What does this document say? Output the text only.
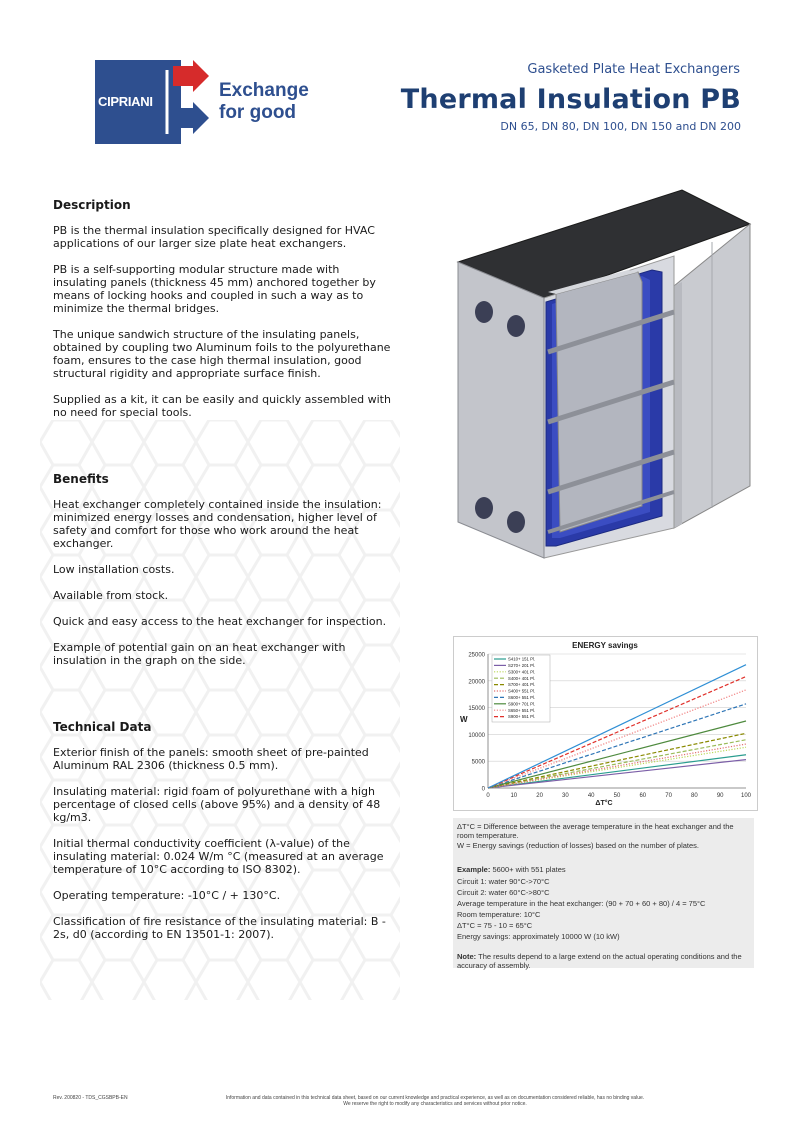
CIPRIANI
Exchange
for good
Gasketed Plate Heat Exchangers
Thermal Insulation PB
DN 65, DN 80, DN 100, DN 150 and DN 200
Description

PB is the thermal insulation specifically designed for HVAC applications of our larger size plate heat exchangers.

PB is a self-supporting modular structure made with insulating panels (thickness 45 mm) anchored together by means of locking hooks and coupled in such a way as to minimize the thermal bridges.

The unique sandwich structure of the insulating panels, obtained by coupling two Aluminum foils to the polyurethane foam, ensures to the case high thermal insulation, good structural rigidity and appropriate surface finish.

Supplied as a kit, it can be easily and quickly assembled with no need for special tools.

Benefits

Heat exchanger completely contained inside the insulation: minimized energy losses and condensation, higher level of safety and comfort for those who work around the heat exchanger.

Low installation costs.

Available from stock.

Quick and easy access to the heat exchanger for inspection.

Example of potential gain on an heat exchanger with insulation in the graph on the side.

Technical Data

Exterior finish of the panels: smooth sheet of pre-painted Aluminum RAL 2306 (thickness 0.5 mm).

Insulating material: rigid foam of polyurethane with a high percentage of closed cells (above 95%) and a density of 48 kg/m3.

Initial thermal conductivity coefficient (λ-value) of the insulating material: 0.024 W/m °C (measured at an average temperature of 10°C according to ISO 8302).

Operating temperature: -10°C / + 130°C.

Classification of fire resistance of the insulating material: B - 2s, d0 (according to EN 13501-1: 2007).

ENERGY savings
0
5000
10000
15000
20000
25000
0	10	20	30	40	50	60	70	80	90	100
S410+ 151 Pl.
S270+ 201 Pl.
S300+ 401 Pl.
S400+ 401 Pl.
S700+ 401 Pl.
S400+ 551 Pl.
S600+ 551 Pl.
S900+ 701 Pl.
S650+ 551 Pl.
S900+ 551 Pl.
ΔT°C
W
ΔT°C = Difference between the average temperature in the heat exchanger and the room temperature.
W = Energy savings (reduction of losses) based on the number of plates.
Example: 5600+ with 551 plates
Circuit 1: water 90°C->70°C
Circuit 2: water 60°C->80°C
Average temperature in the heat exchanger: (90 + 70 + 60 + 80) / 4 = 75°C
Room temperature: 10°C
ΔT°C = 75 - 10 = 65°C
Energy savings: approximately 10000 W (10 kW)
Note: The results depend to a large extend on the actual operating conditions and the accuracy of assembly.
Rev. 200820 - TDS_CGSBPB-EN	Information and data contained in this technical data sheet, based on our current knowledge and practical experience, as well as on documentation considered reliable, has no binding value.
We reserve the right to modify any characteristics and services without prior notice.
